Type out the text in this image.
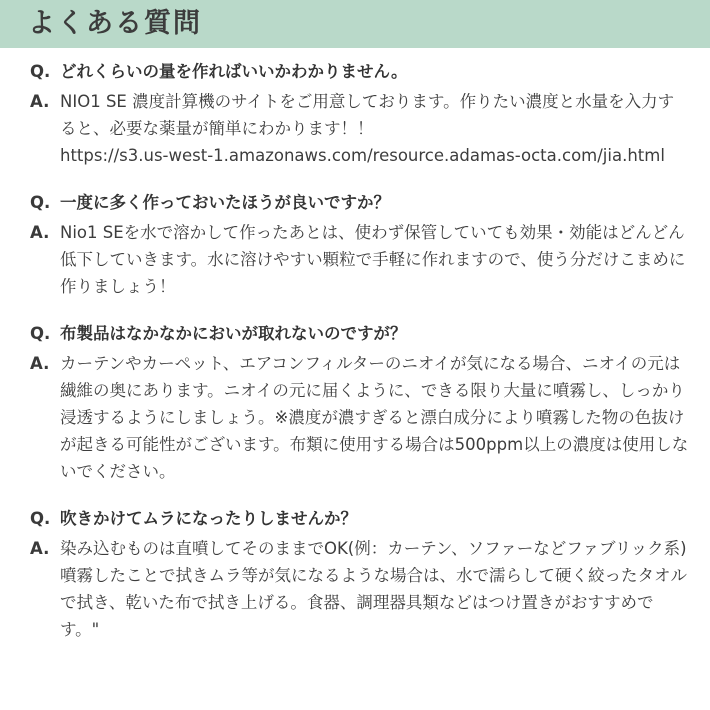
よくある質問
Q. どれくらいの量を作ればいいかわかりません。
A. NIO1 SE 濃度計算機のサイトをご用意しております。作りたい濃度と水量を入力すると、必要な薬量が簡単にわかります！！
https://s3.us-west-1.amazonaws.com/resource.adamas-octa.com/jia.html
Q. 一度に多く作っておいたほうが良いですか？
A. Nio1 SEを水で溶かして作ったあとは、使わず保管していても効果・効能はどんどん低下していきます。水に溶けやすい顆粒で手軽に作れますので、使う分だけこまめに作りましょう！
Q. 布製品はなかなかにおいが取れないのですが？
A. カーテンやカーペット、エアコンフィルターのニオイが気になる場合、ニオイの元は繊維の奥にあります。ニオイの元に届くように、できる限り大量に噴霧し、しっかり浸透するようにしましょう。※濃度が濃すぎると漂白成分により噴霧した物の色抜けが起きる可能性がございます。布類に使用する場合は500ppm以上の濃度は使用しないでください。
Q. 吹きかけてムラになったりしませんか？
A. 染み込むものは直噴してそのままでOK(例：カーテン、ソファーなどファブリック系)噴霧したことで拭きムラ等が気になるような場合は、水で濡らして硬く絞ったタオルで拭き、乾いた布で拭き上げる。食器、調理器具類などはつけ置きがおすすめです。"
